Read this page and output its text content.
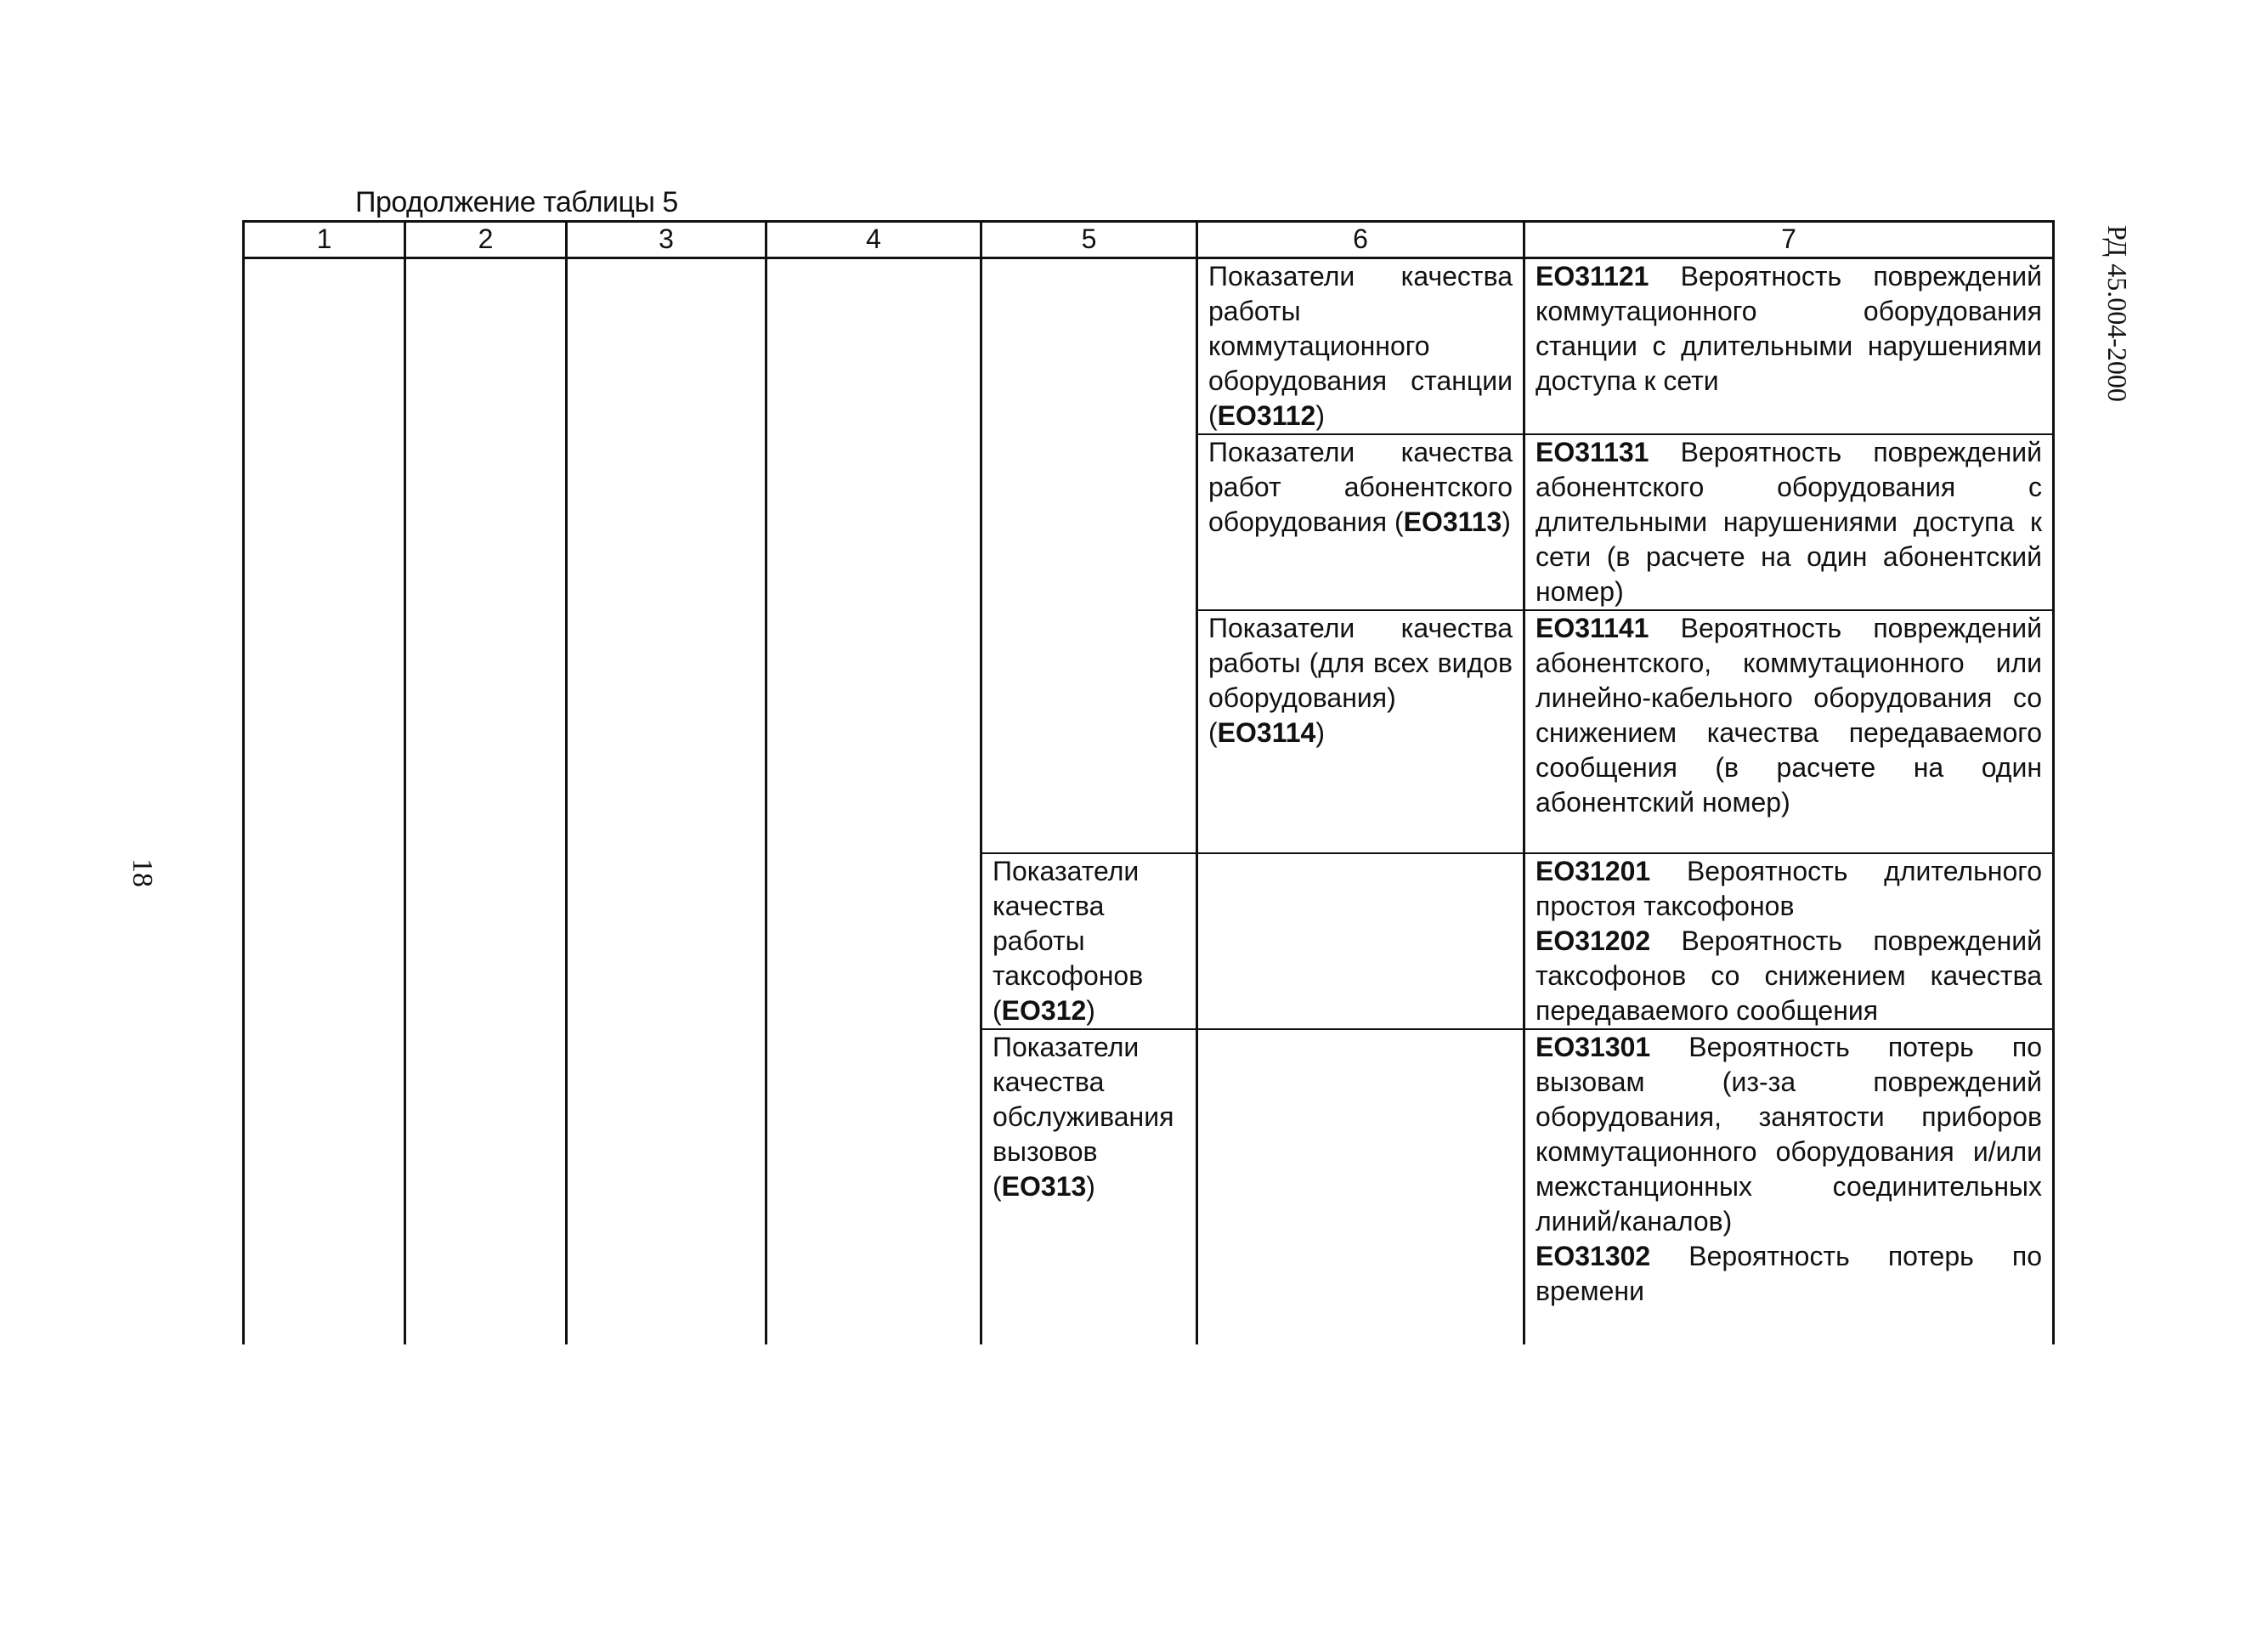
Продолжение таблицы 5
РД 45.004-2000
18
1	2	3	4	5	6	7
					Показатели качества работы коммутационного оборудования станции (ЕО3112)	ЕО31121 Вероятность повреждений коммутационного оборудования станции с длительными нарушениями доступа к сети
					Показатели качества работ абонентского оборудования (ЕО3113)	ЕО31131 Вероятность повреждений абонентского оборудования с длительными нарушениями доступа к сети (в расчете на один абонентский номер)
					Показатели качества работы (для всех видов оборудования) (ЕО3114)	ЕО31141 Вероятность повреждений абонентского, коммутационного или линейно-кабельного оборудования со снижением качества передаваемого сообщения (в расчете на один абонентский номер)
				Показатели качества работы таксофонов (ЕО312)		ЕО31201 Вероятность длительного простоя таксофонов
ЕО31202 Вероятность повреждений таксофонов со снижением качества передаваемого сообщения

				Показатели качества обслуживания вызовов (ЕО313)		ЕО31301 Вероятность потерь по вызовам (из-за повреждений оборудования, занятости приборов коммутационного оборудования и/или межстанционных соединительных линий/каналов)
ЕО31302 Вероятность потерь по времени
